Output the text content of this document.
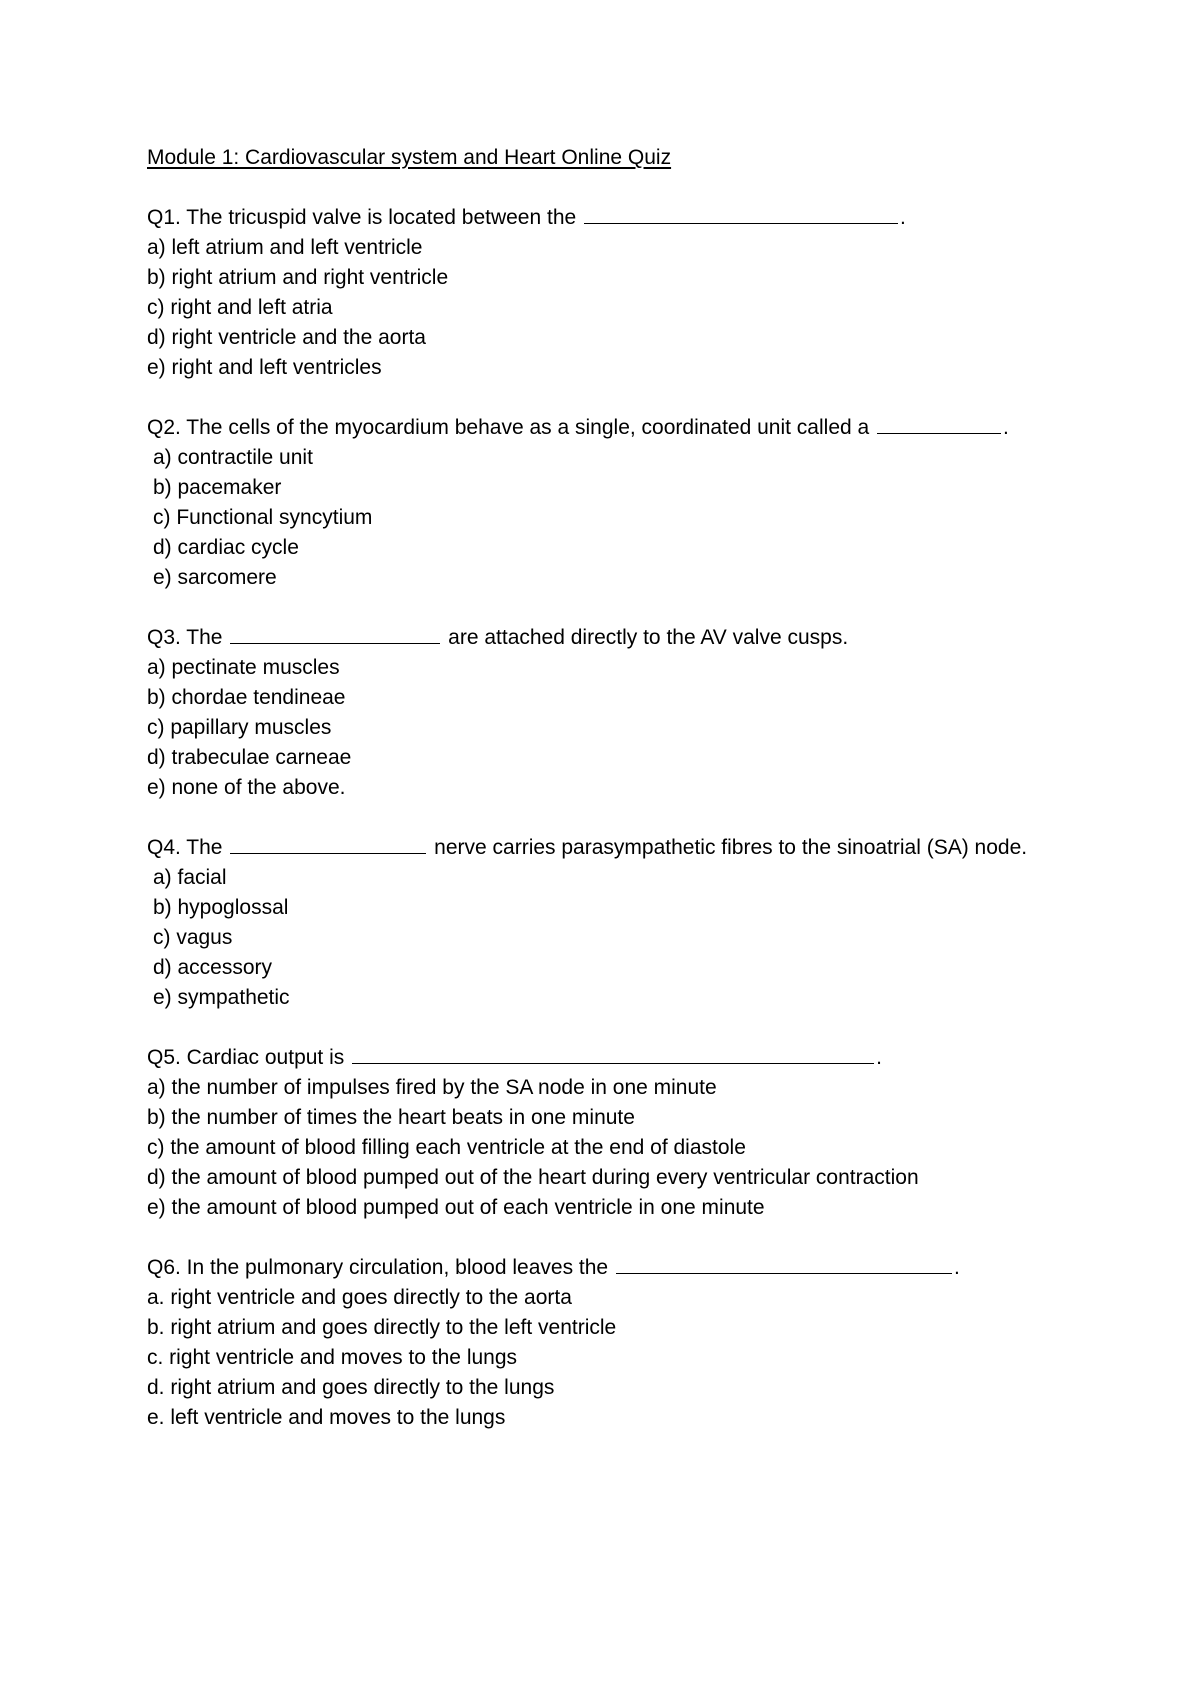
Module 1: Cardiovascular system and Heart Online Quiz
Q1. The tricuspid valve is located between the	.
a) left atrium and left ventricle
b) right atrium and right ventricle
c) right and left atria
d) right ventricle and the aorta
e) right and left ventricles
Q2. The cells of the myocardium behave as a single, coordinated unit called a	.
a) contractile unit
b) pacemaker
c) Functional syncytium
d) cardiac cycle
e) sarcomere
Q3. The	are attached directly to the AV valve cusps.
a) pectinate muscles
b) chordae tendineae
c) papillary muscles
d) trabeculae carneae
e) none of the above.
Q4. The	nerve carries parasympathetic fibres to the sinoatrial (SA) node.
a) facial
b) hypoglossal
c) vagus
d) accessory
e) sympathetic
Q5. Cardiac output is	.
a) the number of impulses fired by the SA node in one minute
b) the number of times the heart beats in one minute
c) the amount of blood filling each ventricle at the end of diastole
d) the amount of blood pumped out of the heart during every ventricular contraction
e) the amount of blood pumped out of each ventricle in one minute
Q6. In the pulmonary circulation, blood leaves the	.
a. right ventricle and goes directly to the aorta
b. right atrium and goes directly to the left ventricle
c. right ventricle and moves to the lungs
d. right atrium and goes directly to the lungs
e. left ventricle and moves to the lungs
